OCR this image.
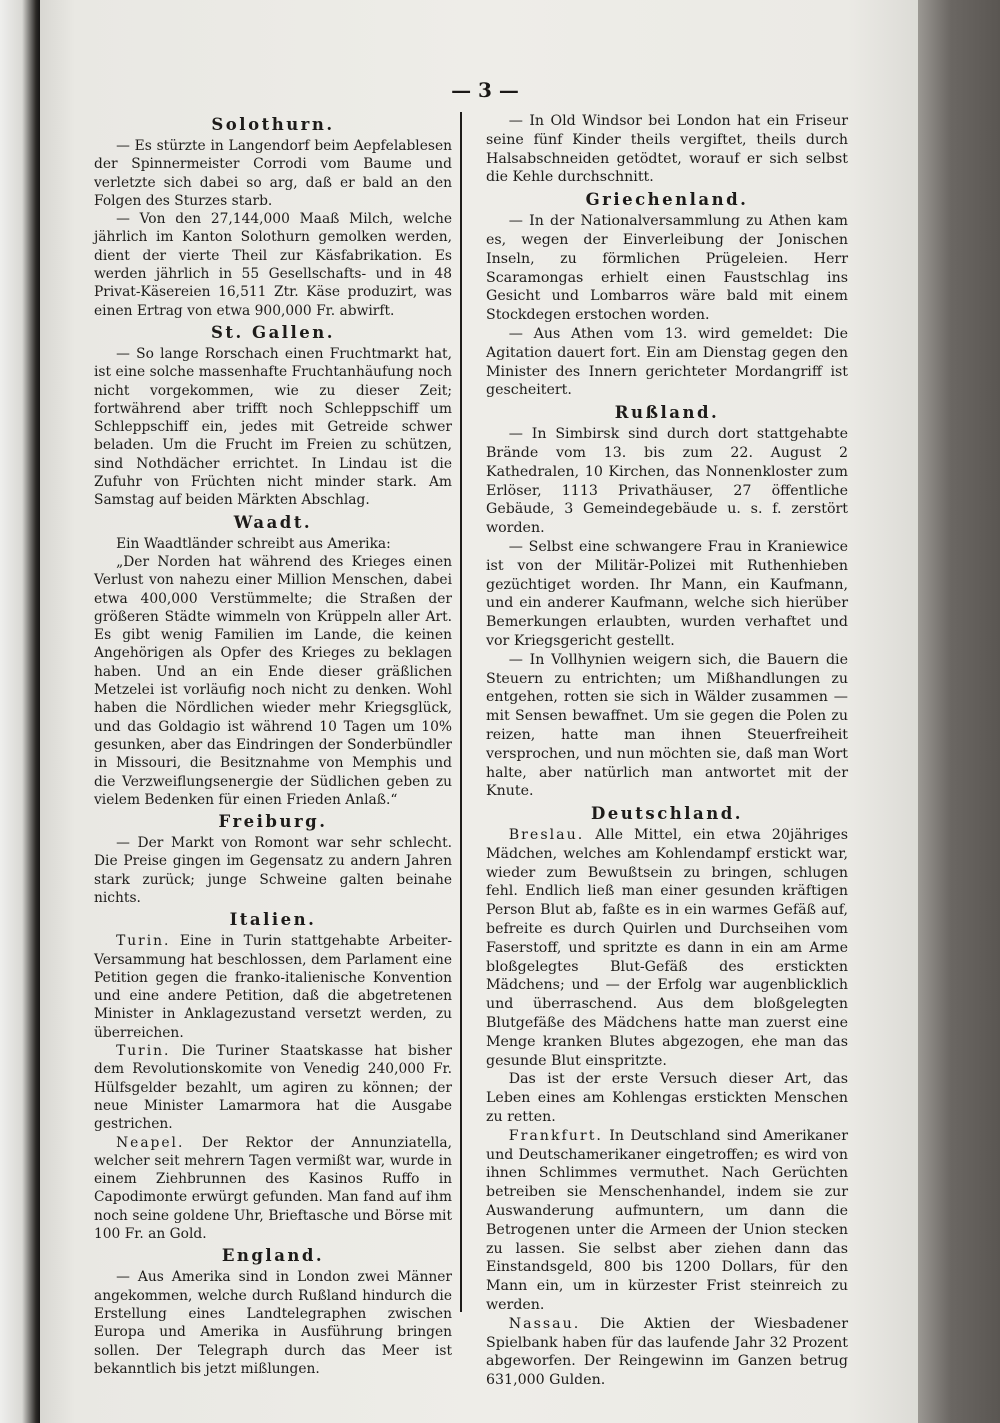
— 3 —
Solothurn.

— Es stürzte in Langendorf beim Aepfelablesen der Spinnermeister Corrodi vom Baume und verletzte sich dabei so arg, daß er bald an den Folgen des Sturzes starb.

— Von den 27,144,000 Maaß Milch, welche jährlich im Kanton Solothurn gemolken werden, dient der vierte Theil zur Käsfabrikation. Es werden jährlich in 55 Gesellschafts- und in 48 Privat-Käsereien 16,511 Ztr. Käse produzirt, was einen Ertrag von etwa 900,000 Fr. abwirft.

St. Gallen.

— So lange Rorschach einen Fruchtmarkt hat, ist eine solche massenhafte Fruchtanhäufung noch nicht vorgekommen, wie zu dieser Zeit; fortwährend aber trifft noch Schleppschiff um Schleppschiff ein, jedes mit Getreide schwer beladen. Um die Frucht im Freien zu schützen, sind Nothdächer errichtet. In Lindau ist die Zufuhr von Früchten nicht minder stark. Am Samstag auf beiden Märkten Abschlag.

Waadt.

Ein Waadtländer schreibt aus Amerika:

„Der Norden hat während des Krieges einen Verlust von nahezu einer Million Menschen, dabei etwa 400,000 Verstümmelte; die Straßen der größeren Städte wimmeln von Krüppeln aller Art. Es gibt wenig Familien im Lande, die keinen Angehörigen als Opfer des Krieges zu beklagen haben. Und an ein Ende dieser gräßlichen Metzelei ist vorläufig noch nicht zu denken. Wohl haben die Nördlichen wieder mehr Kriegsglück, und das Goldagio ist während 10 Tagen um 10% gesunken, aber das Eindringen der Sonderbündler in Missouri, die Besitznahme von Memphis und die Verzweiflungsenergie der Südlichen geben zu vielem Bedenken für einen Frieden Anlaß.“

Freiburg.

— Der Markt von Romont war sehr schlecht. Die Preise gingen im Gegensatz zu andern Jahren stark zurück; junge Schweine galten beinahe nichts.

Italien.

Turin. Eine in Turin stattgehabte Arbeiter-Versammung hat beschlossen, dem Parlament eine Petition gegen die franko-italienische Konvention und eine andere Petition, daß die abgetretenen Minister in Anklagezustand versetzt werden, zu überreichen.

Turin. Die Turiner Staatskasse hat bisher dem Revolutionskomite von Venedig 240,000 Fr. Hülfsgelder bezahlt, um agiren zu können; der neue Minister Lamarmora hat die Ausgabe gestrichen.

Neapel. Der Rektor der Annunziatella, welcher seit mehrern Tagen vermißt war, wurde in einem Ziehbrunnen des Kasinos Ruffo in Capodimonte erwürgt gefunden. Man fand auf ihm noch seine goldene Uhr, Brieftasche und Börse mit 100 Fr. an Gold.

England.

— Aus Amerika sind in London zwei Männer angekommen, welche durch Rußland hindurch die Erstellung eines Landtelegraphen zwischen Europa und Amerika in Ausführung bringen sollen. Der Telegraph durch das Meer ist bekanntlich bis jetzt mißlungen.

— In Old Windsor bei London hat ein Friseur seine fünf Kinder theils vergiftet, theils durch Halsabschneiden getödtet, worauf er sich selbst die Kehle durchschnitt.

Griechenland.

— In der Nationalversammlung zu Athen kam es, wegen der Einverleibung der Jonischen Inseln, zu förmlichen Prügeleien. Herr Scaramongas erhielt einen Faustschlag ins Gesicht und Lombarros wäre bald mit einem Stockdegen erstochen worden.

— Aus Athen vom 13. wird gemeldet: Die Agitation dauert fort. Ein am Dienstag gegen den Minister des Innern gerichteter Mordangriff ist gescheitert.

Rußland.

— In Simbirsk sind durch dort stattgehabte Brände vom 13. bis zum 22. August 2 Kathedralen, 10 Kirchen, das Nonnenkloster zum Erlöser, 1113 Privathäuser, 27 öffentliche Gebäude, 3 Gemeindegebäude u. s. f. zerstört worden.

— Selbst eine schwangere Frau in Kraniewice ist von der Militär-Polizei mit Ruthenhieben gezüchtiget worden. Ihr Mann, ein Kaufmann, und ein anderer Kaufmann, welche sich hierüber Bemerkungen erlaubten, wurden verhaftet und vor Kriegsgericht gestellt.

— In Vollhynien weigern sich, die Bauern die Steuern zu entrichten; um Mißhandlungen zu entgehen, rotten sie sich in Wälder zusammen — mit Sensen bewaffnet. Um sie gegen die Polen zu reizen, hatte man ihnen Steuerfreiheit versprochen, und nun möchten sie, daß man Wort halte, aber natürlich man antwortet mit der Knute.

Deutschland.

Breslau. Alle Mittel, ein etwa 20jähriges Mädchen, welches am Kohlendampf erstickt war, wieder zum Bewußtsein zu bringen, schlugen fehl. Endlich ließ man einer gesunden kräftigen Person Blut ab, faßte es in ein warmes Gefäß auf, befreite es durch Quirlen und Durchseihen vom Faserstoff, und spritzte es dann in ein am Arme bloßgelegtes Blut-Gefäß des erstickten Mädchens; und — der Erfolg war augenblicklich und überraschend. Aus dem bloßgelegten Blutgefäße des Mädchens hatte man zuerst eine Menge kranken Blutes abgezogen, ehe man das gesunde Blut einspritzte.

Das ist der erste Versuch dieser Art, das Leben eines am Kohlengas erstickten Menschen zu retten.

Frankfurt. In Deutschland sind Amerikaner und Deutschamerikaner eingetroffen; es wird von ihnen Schlimmes vermuthet. Nach Gerüchten betreiben sie Menschenhandel, indem sie zur Auswanderung aufmuntern, um dann die Betrogenen unter die Armeen der Union stecken zu lassen. Sie selbst aber ziehen dann das Einstandsgeld, 800 bis 1200 Dollars, für den Mann ein, um in kürzester Frist steinreich zu werden.

Nassau. Die Aktien der Wiesbadener Spielbank haben für das laufende Jahr 32 Prozent abgeworfen. Der Reingewinn im Ganzen betrug 631,000 Gulden.
